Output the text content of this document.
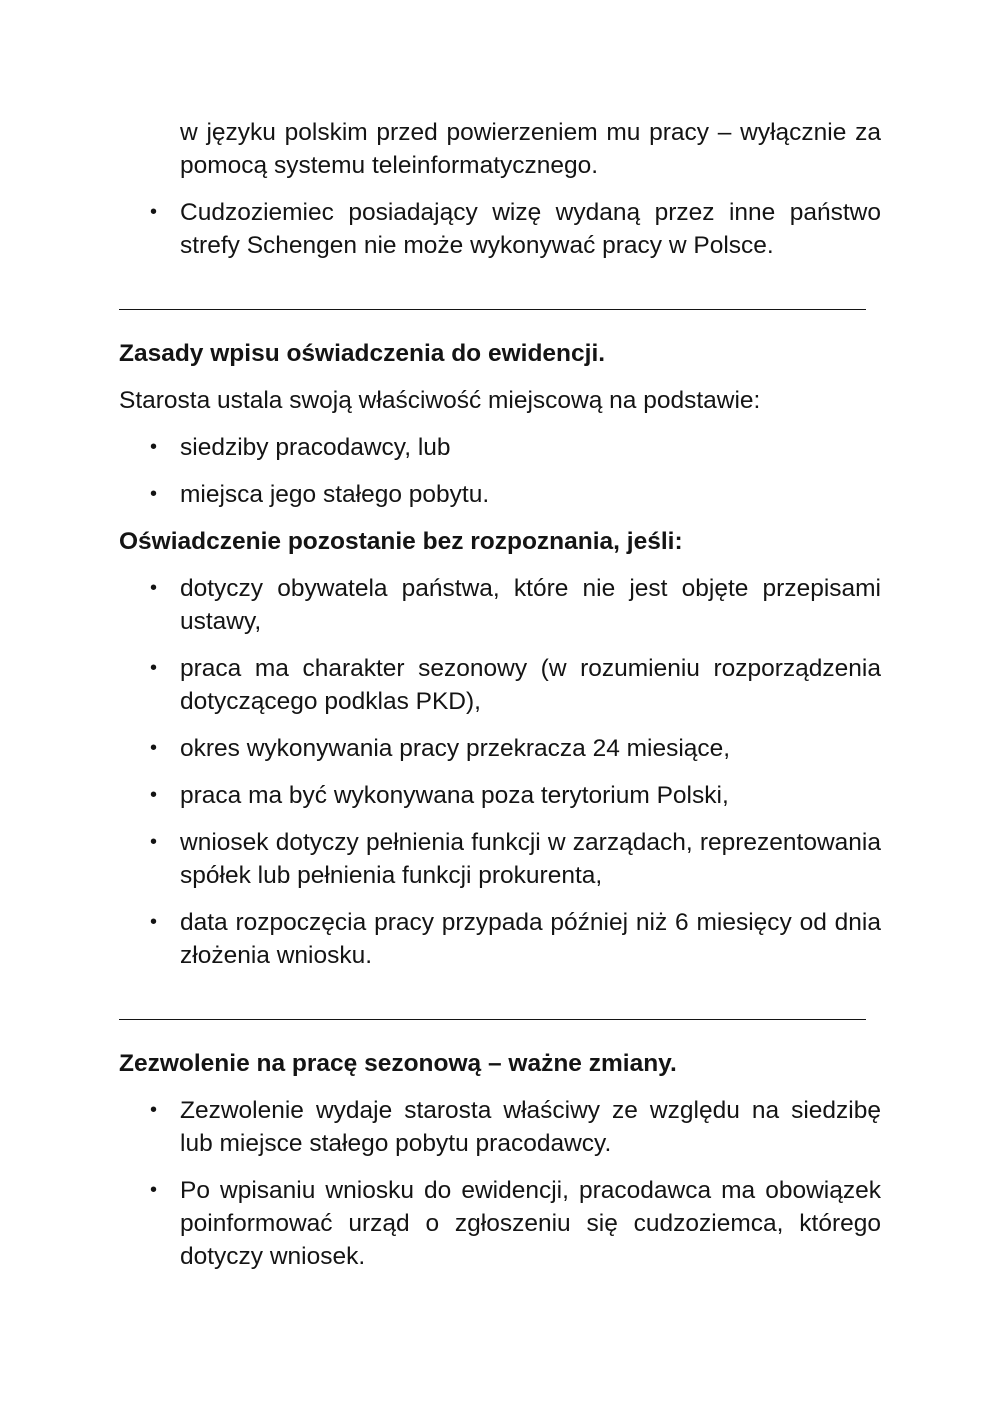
w języku polskim przed powierzeniem mu pracy – wyłącznie za pomocą systemu teleinformatycznego.
• Cudzoziemiec posiadający wizę wydaną przez inne państwo strefy Schengen nie może wykonywać pracy w Polsce.
Zasady wpisu oświadczenia do ewidencji.

Starosta ustala swoją właściwość miejscową na podstawie:

• siedziby pracodawcy, lub
• miejsca jego stałego pobytu.
Oświadczenie pozostanie bez rozpoznania, jeśli:
• dotyczy obywatela państwa, które nie jest objęte przepisami ustawy,
• praca ma charakter sezonowy (w rozumieniu rozporządzenia dotyczącego podklas PKD),
• okres wykonywania pracy przekracza 24 miesiące,
• praca ma być wykonywana poza terytorium Polski,
• wniosek dotyczy pełnienia funkcji w zarządach, reprezentowania spółek lub pełnienia funkcji prokurenta,
• data rozpoczęcia pracy przypada później niż 6 miesięcy od dnia złożenia wniosku.
Zezwolenie na pracę sezonową – ważne zmiany.
• Zezwolenie wydaje starosta właściwy ze względu na siedzibę lub miejsce stałego pobytu pracodawcy.
• Po wpisaniu wniosku do ewidencji, pracodawca ma obowiązek poinformować urząd o zgłoszeniu się cudzoziemca, którego dotyczy wniosek.
